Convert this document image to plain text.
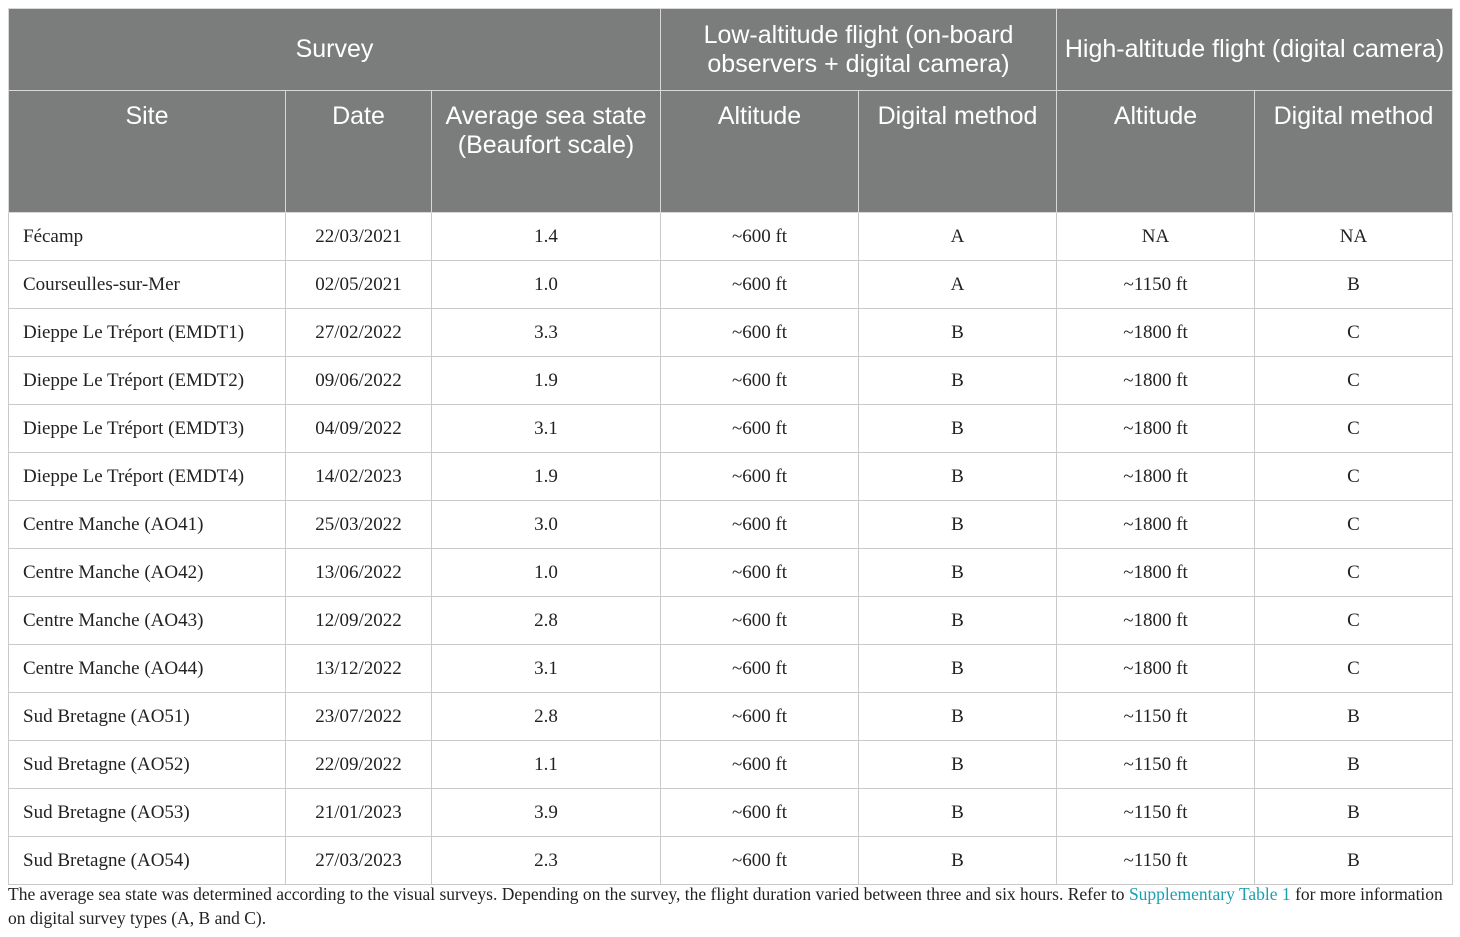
Survey			Low-altitude flight (on-board observers + digital camera)		High-altitude flight (digital camera)	
Site	Date	Average sea state (Beaufort scale)	Altitude	Digital method	Altitude	Digital method
Fécamp	22/03/2021	1.4	~600 ft	A	NA	NA
Courseulles-sur-Mer	02/05/2021	1.0	~600 ft	A	~1150 ft	B
Dieppe Le Tréport (EMDT1)	27/02/2022	3.3	~600 ft	B	~1800 ft	C
Dieppe Le Tréport (EMDT2)	09/06/2022	1.9	~600 ft	B	~1800 ft	C
Dieppe Le Tréport (EMDT3)	04/09/2022	3.1	~600 ft	B	~1800 ft	C
Dieppe Le Tréport (EMDT4)	14/02/2023	1.9	~600 ft	B	~1800 ft	C
Centre Manche (AO41)	25/03/2022	3.0	~600 ft	B	~1800 ft	C
Centre Manche (AO42)	13/06/2022	1.0	~600 ft	B	~1800 ft	C
Centre Manche (AO43)	12/09/2022	2.8	~600 ft	B	~1800 ft	C
Centre Manche (AO44)	13/12/2022	3.1	~600 ft	B	~1800 ft	C
Sud Bretagne (AO51)	23/07/2022	2.8	~600 ft	B	~1150 ft	B
Sud Bretagne (AO52)	22/09/2022	1.1	~600 ft	B	~1150 ft	B
Sud Bretagne (AO53)	21/01/2023	3.9	~600 ft	B	~1150 ft	B
Sud Bretagne (AO54)	27/03/2023	2.3	~600 ft	B	~1150 ft	B
The average sea state was determined according to the visual surveys. Depending on the survey, the flight duration varied between three and six hours. Refer to Supplementary Table 1 for more information on digital survey types (A, B and C).
